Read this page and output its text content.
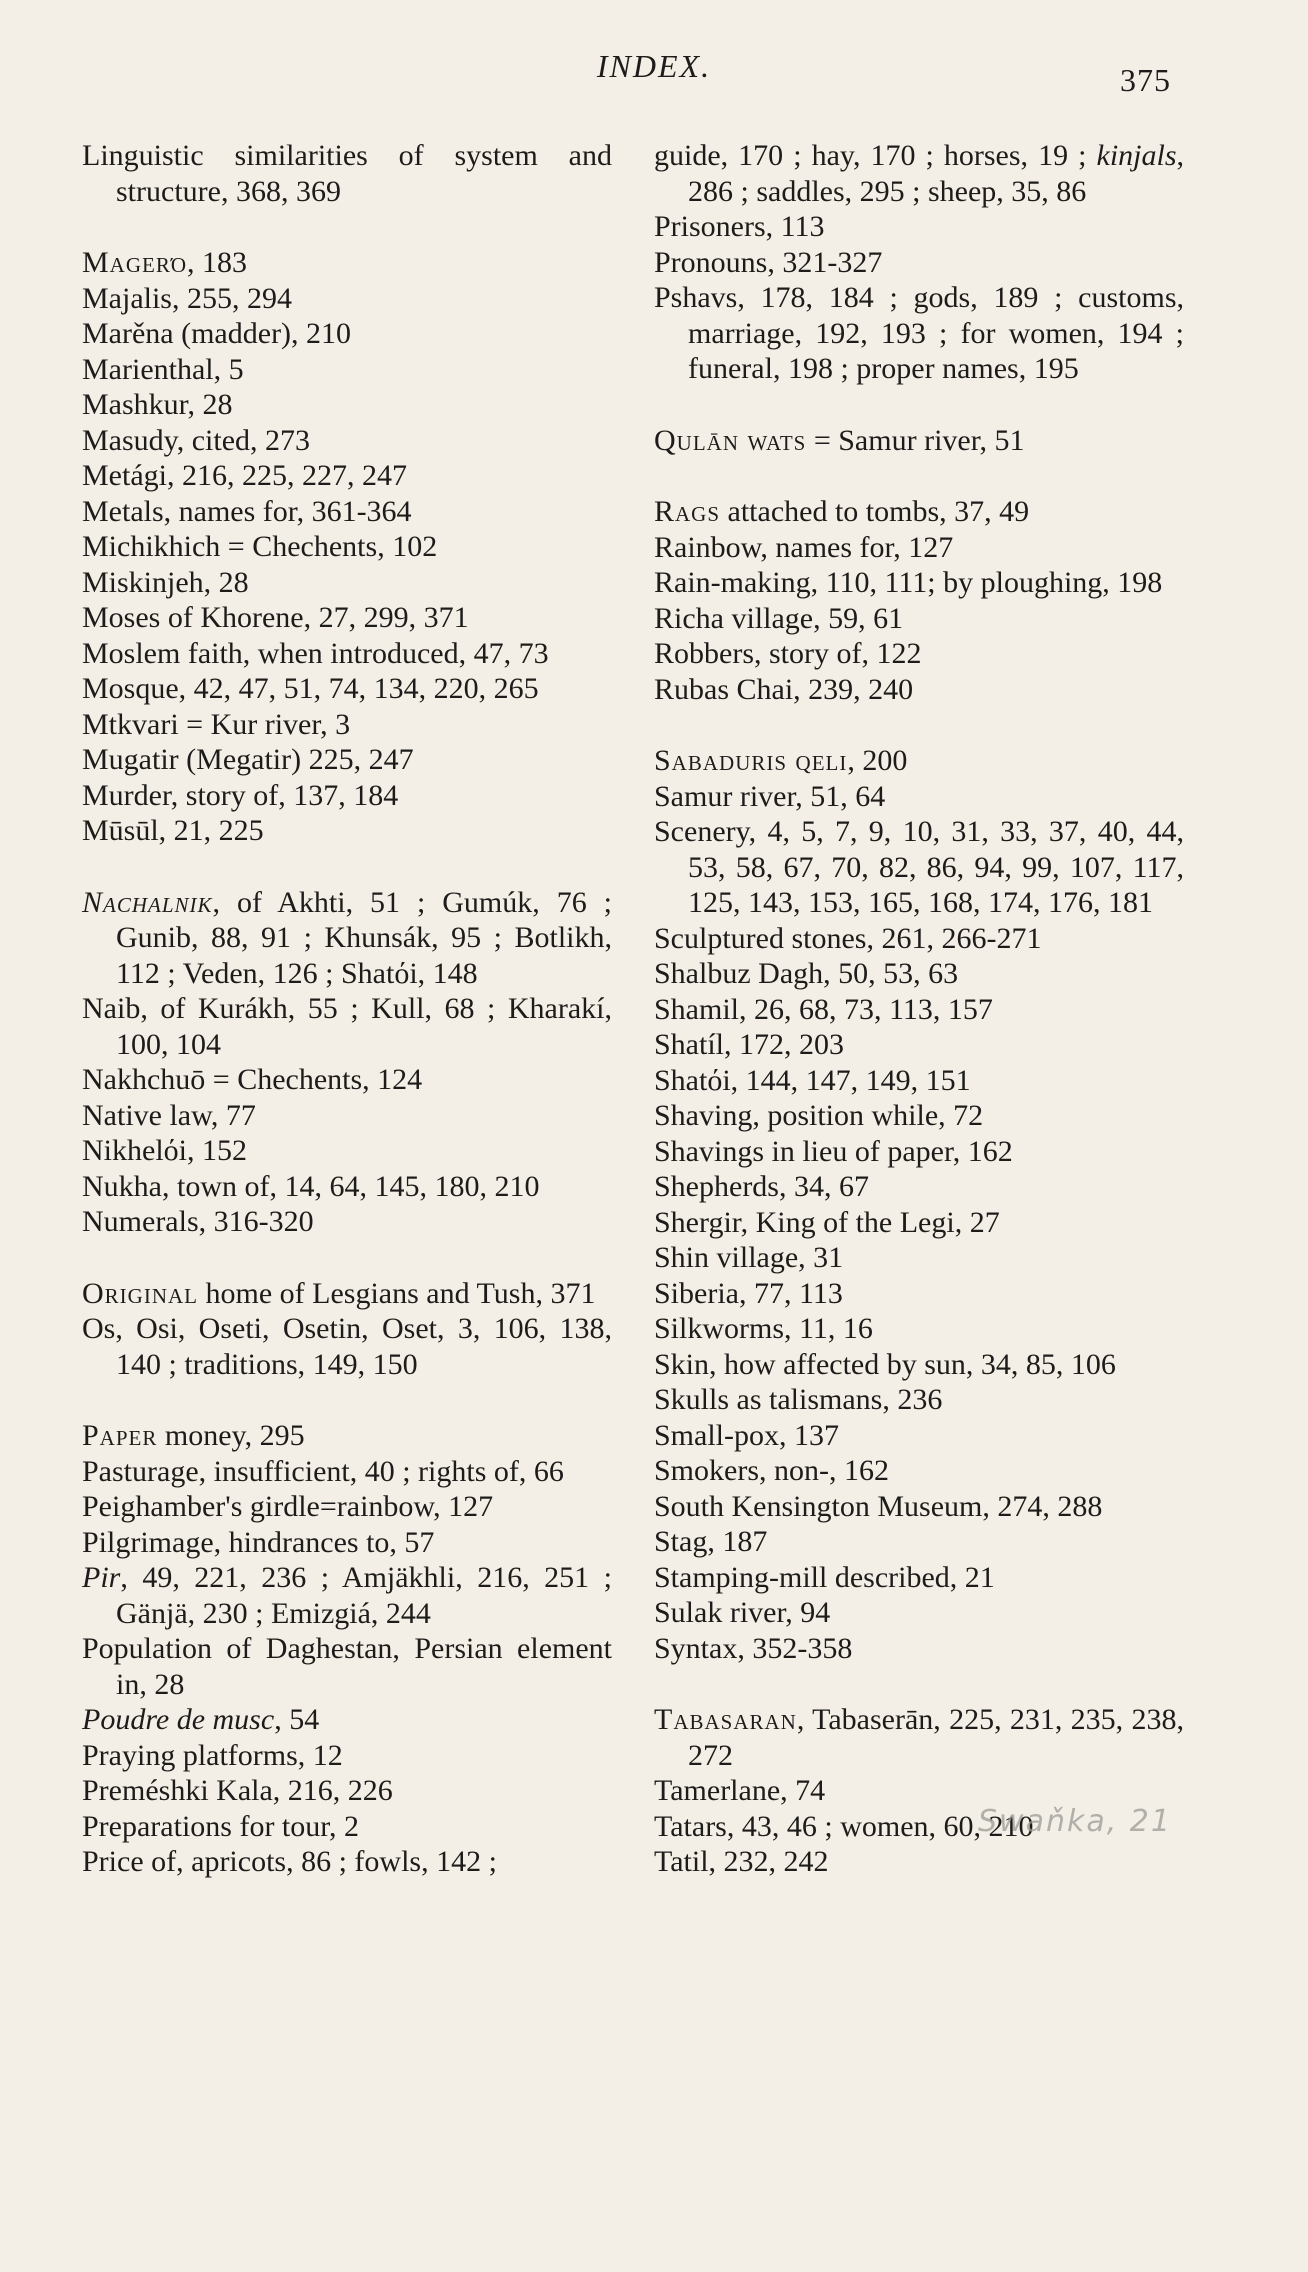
INDEX.	375
Linguistic similarities of system and structure, 368, 369
Magerό, 183
Majalis, 255, 294
Marěna (madder), 210
Marienthal, 5
Mashkur, 28
Masudy, cited, 273
Metági, 216, 225, 227, 247
Metals, names for, 361-364
Michikhich = Chechents, 102
Miskinjeh, 28
Moses of Khorene, 27, 299, 371
Moslem faith, when introduced, 47, 73
Mosque, 42, 47, 51, 74, 134, 220, 265
Mtkvari = Kur river, 3
Mugatir (Megatir) 225, 247
Murder, story of, 137, 184
Mūsūl, 21, 225
Nachalnik, of Akhti, 51 ; Gumúk, 76 ; Gunib, 88, 91 ; Khunsák, 95 ; Botlikh, 112 ; Veden, 126 ; Shatόi, 148
Naib, of Kurákh, 55 ; Kull, 68 ; Kharakí, 100, 104
Nakhchuō = Chechents, 124
Native law, 77
Nikhelόi, 152
Nukha, town of, 14, 64, 145, 180, 210
Numerals, 316-320
Original home of Lesgians and Tush, 371
Os, Osi, Oseti, Osetin, Oset, 3, 106, 138, 140 ; traditions, 149, 150
Paper money, 295
Pasturage, insufficient, 40 ; rights of, 66
Peighamber's girdle=rainbow, 127
Pilgrimage, hindrances to, 57
Pir, 49, 221, 236 ; Amjäkhli, 216, 251 ; Gänjä, 230 ; Emizgiá, 244
Population of Daghestan, Persian element in, 28
Poudre de musc, 54
Praying platforms, 12
Preméshki Kala, 216, 226
Preparations for tour, 2
Price of, apricots, 86 ; fowls, 142 ;
guide, 170 ; hay, 170 ; horses, 19 ; kinjals, 286 ; saddles, 295 ; sheep, 35, 86
Prisoners, 113
Pronouns, 321-327
Pshavs, 178, 184 ; gods, 189 ; customs, marriage, 192, 193 ; for women, 194 ; funeral, 198 ; proper names, 195
Qulān wats = Samur river, 51
Rags attached to tombs, 37, 49
Rainbow, names for, 127
Rain-making, 110, 111; by ploughing, 198
Richa village, 59, 61
Robbers, story of, 122
Rubas Chai, 239, 240
Sabaduris qeli, 200
Samur river, 51, 64
Scenery, 4, 5, 7, 9, 10, 31, 33, 37, 40, 44, 53, 58, 67, 70, 82, 86, 94, 99, 107, 117, 125, 143, 153, 165, 168, 174, 176, 181
Sculptured stones, 261, 266-271
Shalbuz Dagh, 50, 53, 63
Shamil, 26, 68, 73, 113, 157
Shatíl, 172, 203
Shatόi, 144, 147, 149, 151
Shaving, position while, 72
Shavings in lieu of paper, 162
Shepherds, 34, 67
Shergir, King of the Legi, 27
Shin village, 31
Siberia, 77, 113
Silkworms, 11, 16
Skin, how affected by sun, 34, 85, 106
Skulls as talismans, 236
Small-pox, 137
Smokers, non-, 162
South Kensington Museum, 274, 288
Stag, 187
Stamping-mill described, 21
Sulak river, 94
Syntax, 352-358
Tabasaran, Tabaserān, 225, 231, 235, 238, 272
Tamerlane, 74
Tatars, 43, 46 ; women, 60, 210
Tatil, 232, 242
Swaňka, 21
